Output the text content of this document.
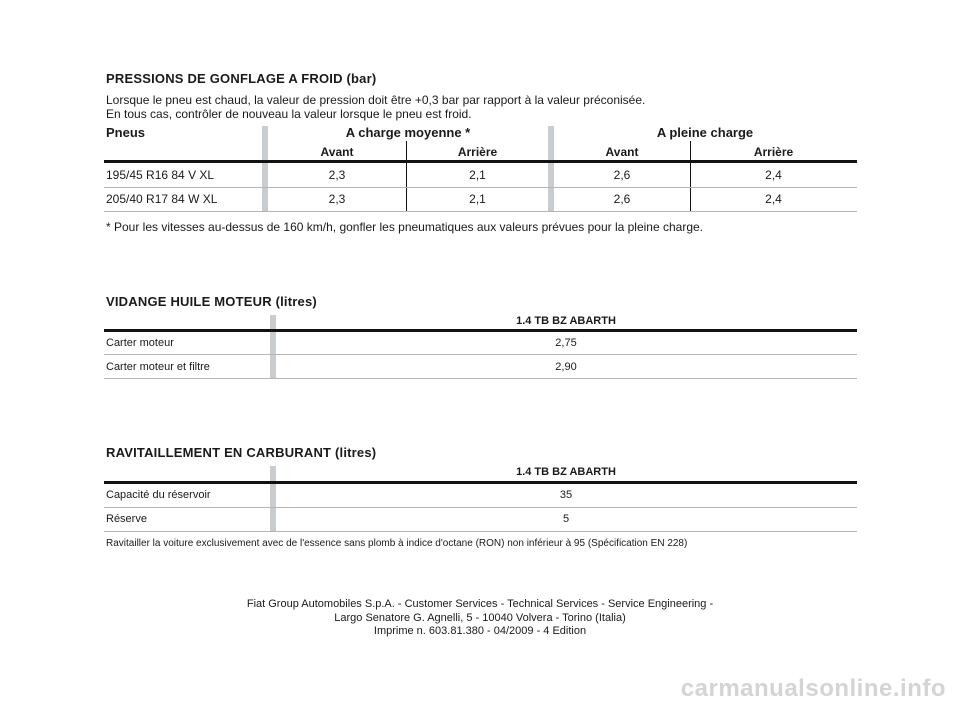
PRESSIONS DE GONFLAGE A FROID (bar)
Lorsque le pneu est chaud, la valeur de pression doit être +0,3 bar par rapport à la valeur préconisée.
En tous cas, contrôler de nouveau la valeur lorsque le pneu est froid.
Pneus	A charge moyenne *	A pleine charge
Avant	Arrière	Avant	Arrière
195/45 R16 84 V XL	2,3	2,1	2,6	2,4
205/40 R17 84 W XL	2,3	2,1	2,6	2,4
* Pour les vitesses au-dessus de 160 km/h, gonfler les pneumatiques aux valeurs prévues pour la pleine charge.
VIDANGE HUILE MOTEUR (litres)
1.4 TB BZ ABARTH
Carter moteur	2,75
Carter moteur et filtre	2,90
RAVITAILLEMENT EN CARBURANT (litres)
1.4 TB BZ ABARTH
Capacité du réservoir	35
Réserve	5
Ravitailler la voiture exclusivement avec de l'essence sans plomb à indice d'octane (RON) non inférieur à 95 (Spécification EN 228)
Fiat Group Automobiles S.p.A. - Customer Services - Technical Services - Service Engineering -
Largo Senatore G. Agnelli, 5 - 10040 Volvera - Torino (Italia)
Imprime n. 603.81.380 - 04/2009 - 4 Edition
carmanualsonline.info
